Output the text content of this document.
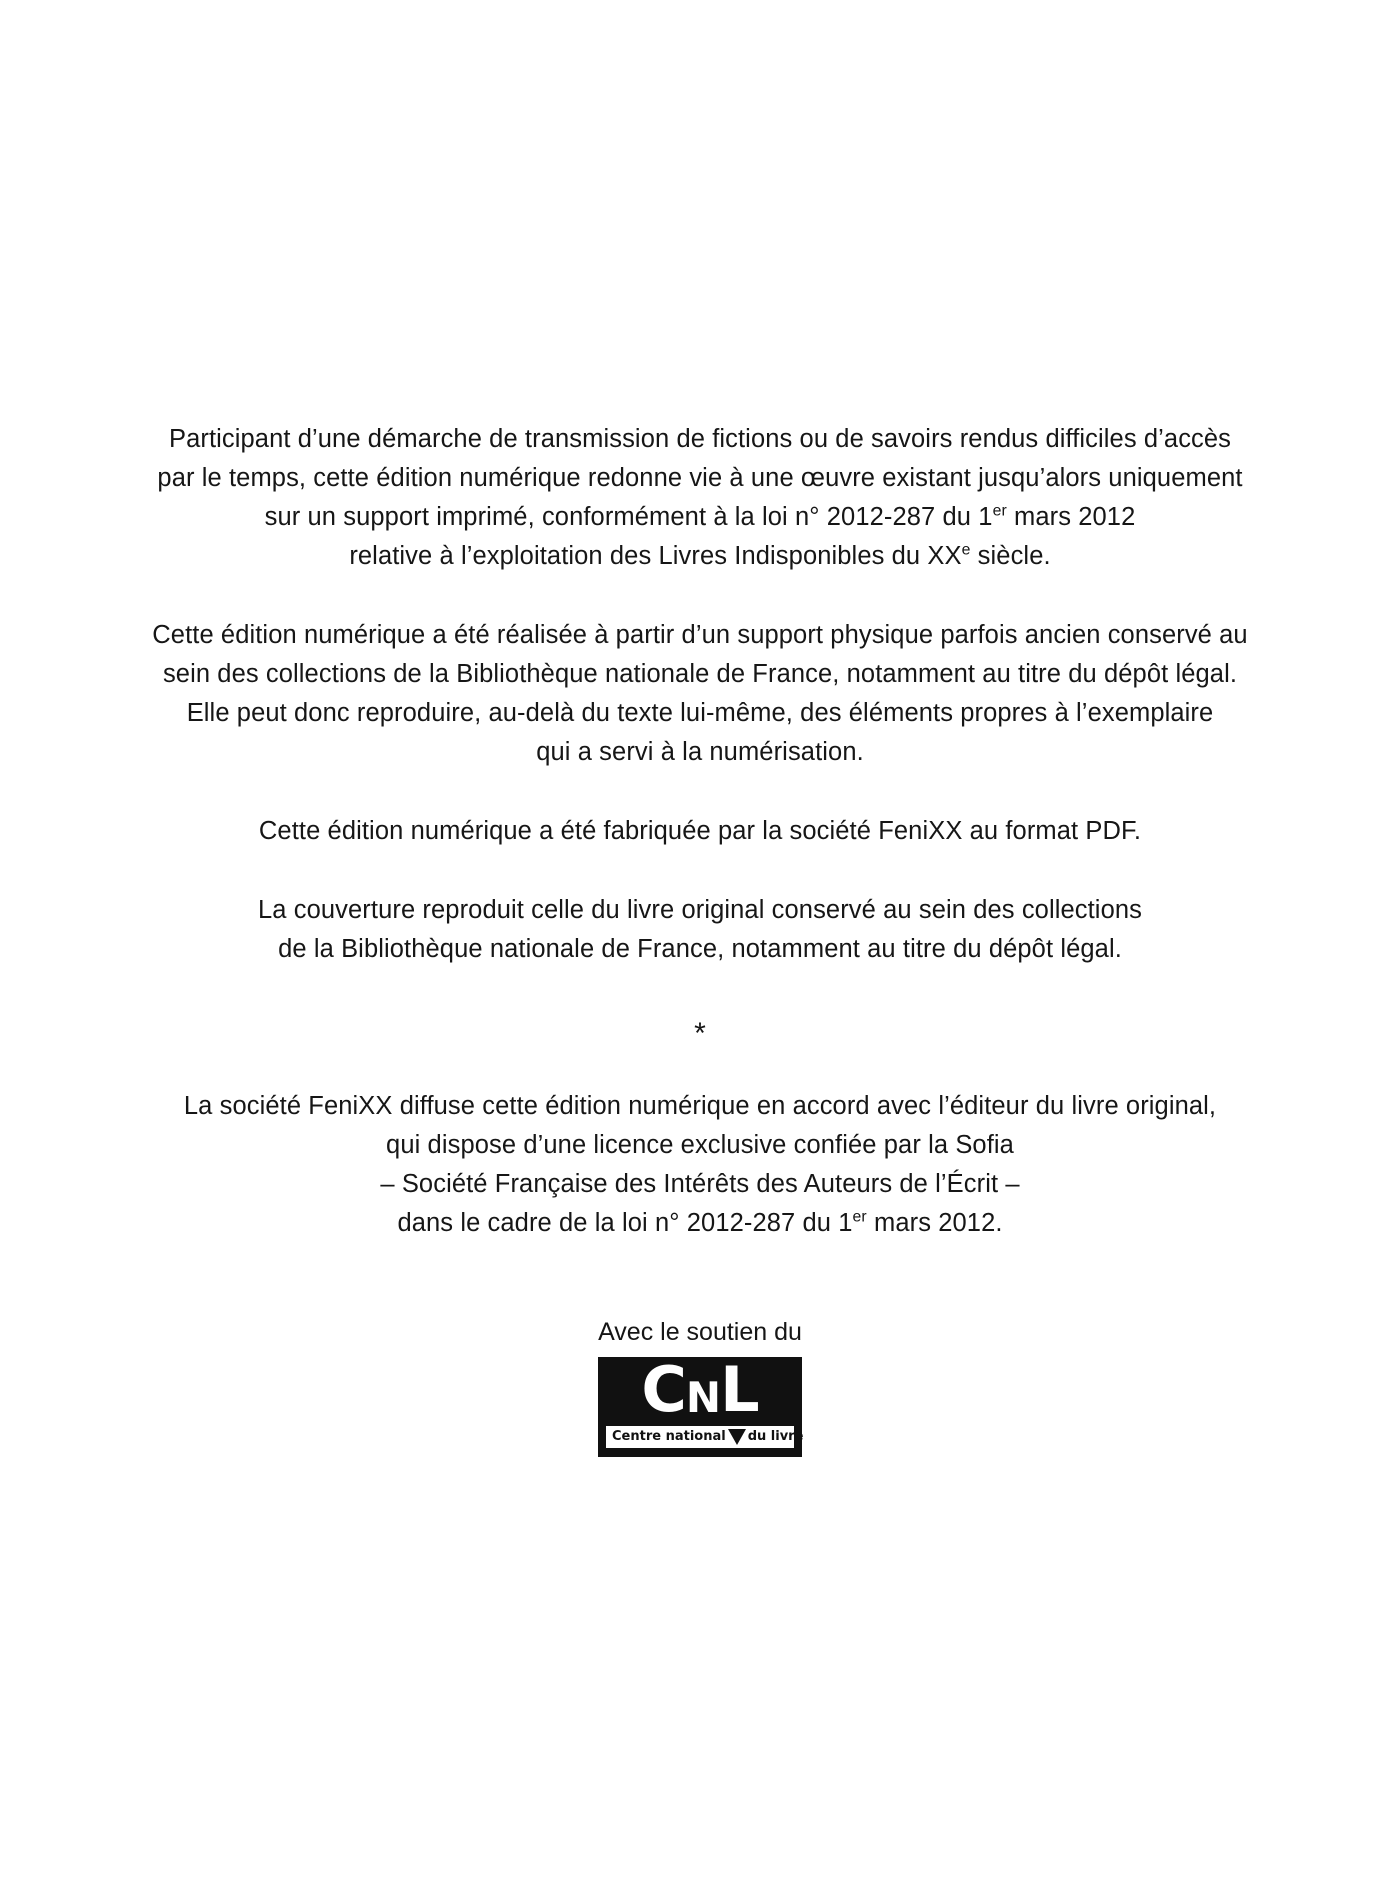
Participant d’une démarche de transmission de fictions ou de savoirs rendus difficiles d’accès
par le temps, cette édition numérique redonne vie à une œuvre existant jusqu’alors uniquement
sur un support imprimé, conformément à la loi n° 2012-287 du 1er mars 2012
relative à l’exploitation des Livres Indisponibles du XXe siècle.
Cette édition numérique a été réalisée à partir d’un support physique parfois ancien conservé au
sein des collections de la Bibliothèque nationale de France, notamment au titre du dépôt légal.
Elle peut donc reproduire, au-delà du texte lui-même, des éléments propres à l’exemplaire
qui a servi à la numérisation.
Cette édition numérique a été fabriquée par la société FeniXX au format PDF.
La couverture reproduit celle du livre original conservé au sein des collections
de la Bibliothèque nationale de France, notamment au titre du dépôt légal.
*
La société FeniXX diffuse cette édition numérique en accord avec l’éditeur du livre original,
qui dispose d’une licence exclusive confiée par la Sofia
– Société Française des Intérêts des Auteurs de l’Écrit –
dans le cadre de la loi n° 2012-287 du 1er mars 2012.
Avec le soutien du
C N L
Centre national du livre
